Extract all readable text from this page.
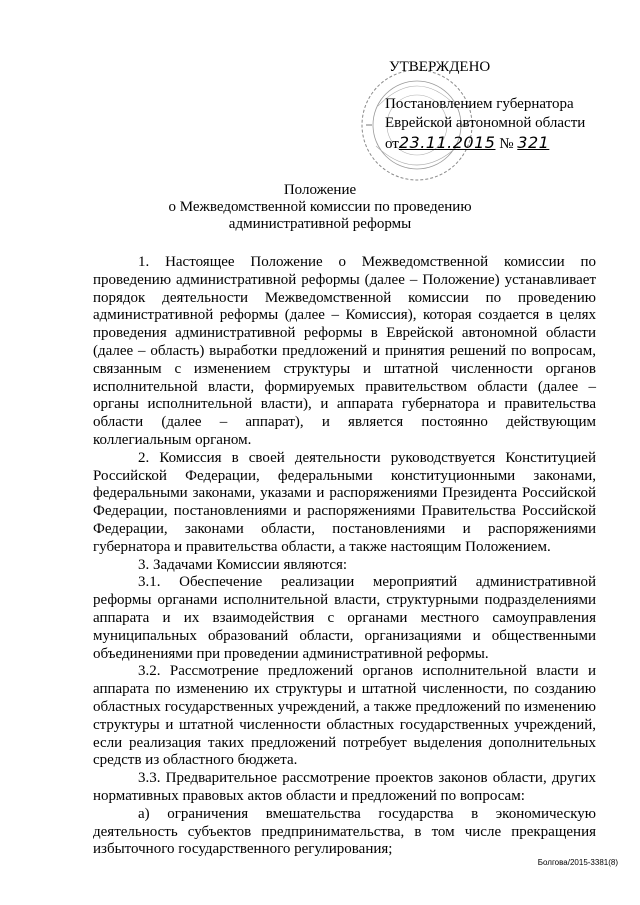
УТВЕРЖДЕНО
Постановлением губернатора
Еврейской автономной области
от23.11.2015 № 321
Положение
о Межведомственной комиссии по проведению
административной реформы

1. Настоящее Положение о Межведомственной комиссии по проведению административной реформы (далее – Положение) устанавливает порядок деятельности Межведомственной комиссии по проведению административной реформы (далее – Комиссия), которая создается в целях проведения административной реформы в Еврейской автономной области (далее – область) выработки предложений и принятия решений по вопросам, связанным с изменением структуры и штатной численности органов исполнительной власти, формируемых правительством области (далее – органы исполнительной власти), и аппарата губернатора и правительства области (далее – аппарат), и является постоянно действующим коллегиальным органом.

2. Комиссия в своей деятельности руководствуется Конституцией Российской Федерации, федеральными конституционными законами, федеральными законами, указами и распоряжениями Президента Российской Федерации, постановлениями и распоряжениями Правительства Российской Федерации, законами области, постановлениями и распоряжениями губернатора и правительства области, а также настоящим Положением.

3. Задачами Комиссии являются:

3.1. Обеспечение реализации мероприятий административной реформы органами исполнительной власти, структурными подразделениями аппарата и их взаимодействия с органами местного самоуправления муниципальных образований области, организациями и общественными объединениями при проведении административной реформы.

3.2. Рассмотрение предложений органов исполнительной власти и аппарата по изменению их структуры и штатной численности, по созданию областных государственных учреждений, а также предложений по изменению структуры и штатной численности областных государственных учреждений, если реализация таких предложений потребует выделения дополнительных средств из областного бюджета.

3.3. Предварительное рассмотрение проектов законов области, других нормативных правовых актов области и предложений по вопросам:

а) ограничения вмешательства государства в экономическую деятельность субъектов предпринимательства, в том числе прекращения избыточного государственного регулирования;

Болгова/2015-3381(8)
